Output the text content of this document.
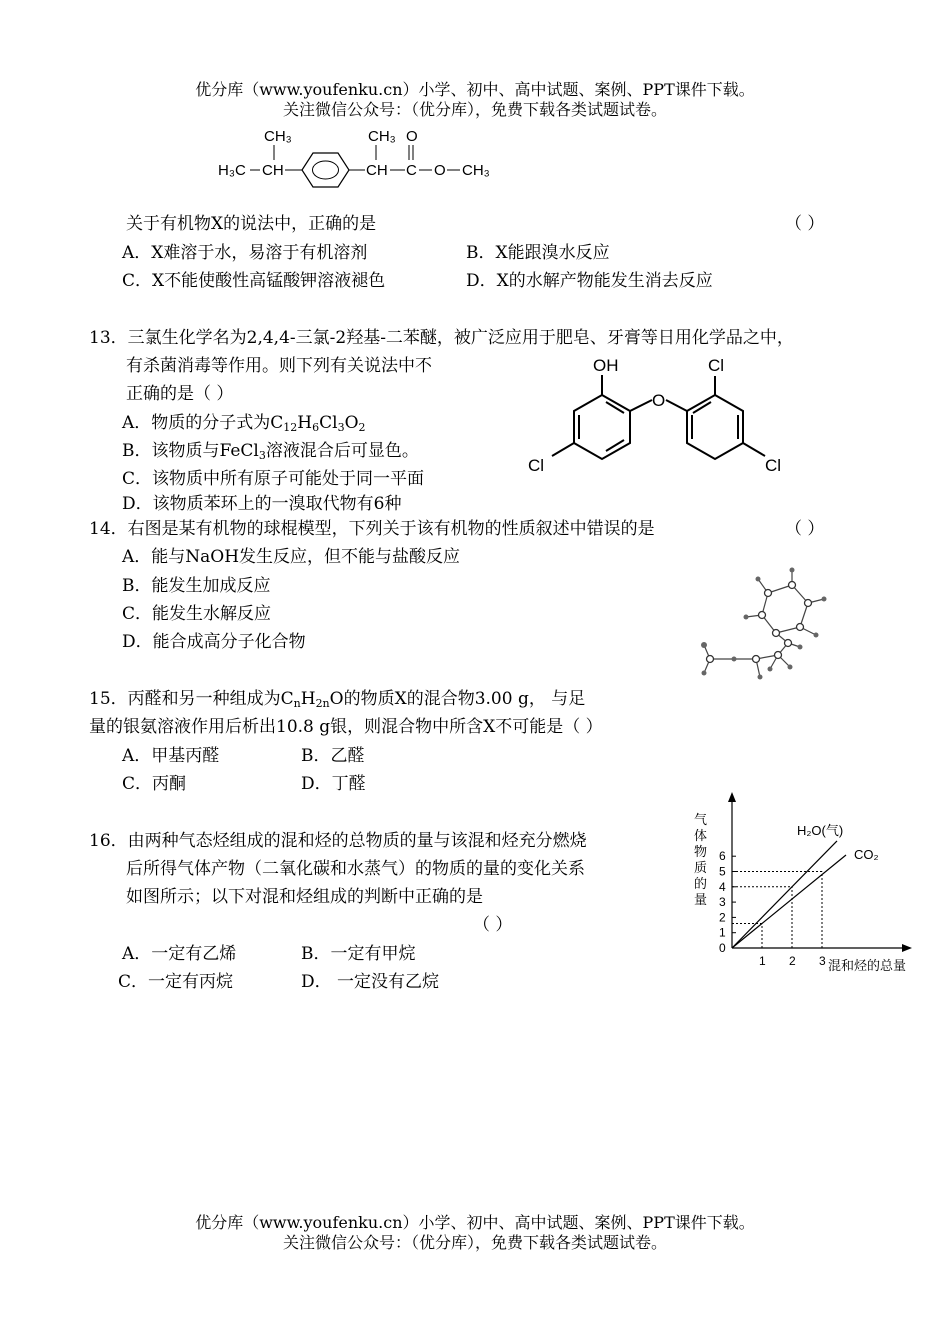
优分库（www.youfenku.cn）小学、初中、高中试题、案例、PPT课件下载。
关注微信公众号：（优分库），免费下载各类试题试卷。
H₃C CH
CH₃	CH₃
CH
O
C O CH₃
关于有机物X的说法中，正确的是	（ ）
A．X难溶于水，易溶于有机溶剂	B．X能跟溴水反应
C．X不能使酸性高锰酸钾溶液褪色	D．X的水解产物能发生消去反应
13．三氯生化学名为2,4,4-三氯-2羟基-二苯醚，被广泛应用于肥皂、牙膏等日用化学品之中，
有杀菌消毒等作用。则下列有关说法中不
正确的是（ ）
A．物质的分子式为$C_{12}H_6Cl_3O_2$
B．该物质与FeCl$_3$溶液混合后可显色。
C．该物质中所有原子可能处于同一平面
D．该物质苯环上的一溴取代物有6种
OH
O
Cl
Cl	Cl
14．右图是某有机物的球棍模型，下列关于该有机物的性质叙述中错误的是	（ ）
A．能与NaOH发生反应，但不能与盐酸反应
B．能发生加成反应
C．能发生水解反应
D．能合成高分子化合物
15．丙醛和另一种组成为$C_nH_{2n}O$的物质X的混合物3.00 g， 与足
量的银氨溶液作用后析出10.8 g银，则混合物中所含X不可能是（ ）
A．甲基丙醛	B．乙醛
C．丙酮	D．丁醛
16．由两种气态烃组成的混和烃的总物质的量与该混和烃充分燃烧
后所得气体产物（二氧化碳和水蒸气）的物质的量的变化关系
如图所示；以下对混和烃组成的判断中正确的是
（ ）
A．一定有乙烯	B．一定有甲烷
C．一定有丙烷	D． 一定没有乙烷
气
体
物
质
的
量
H₂O(气)
CO₂
0
1
2
3
4
5
6
1 2 3 混和烃的总量
优分库（www.youfenku.cn）小学、初中、高中试题、案例、PPT课件下载。
关注微信公众号：（优分库），免费下载各类试题试卷。
